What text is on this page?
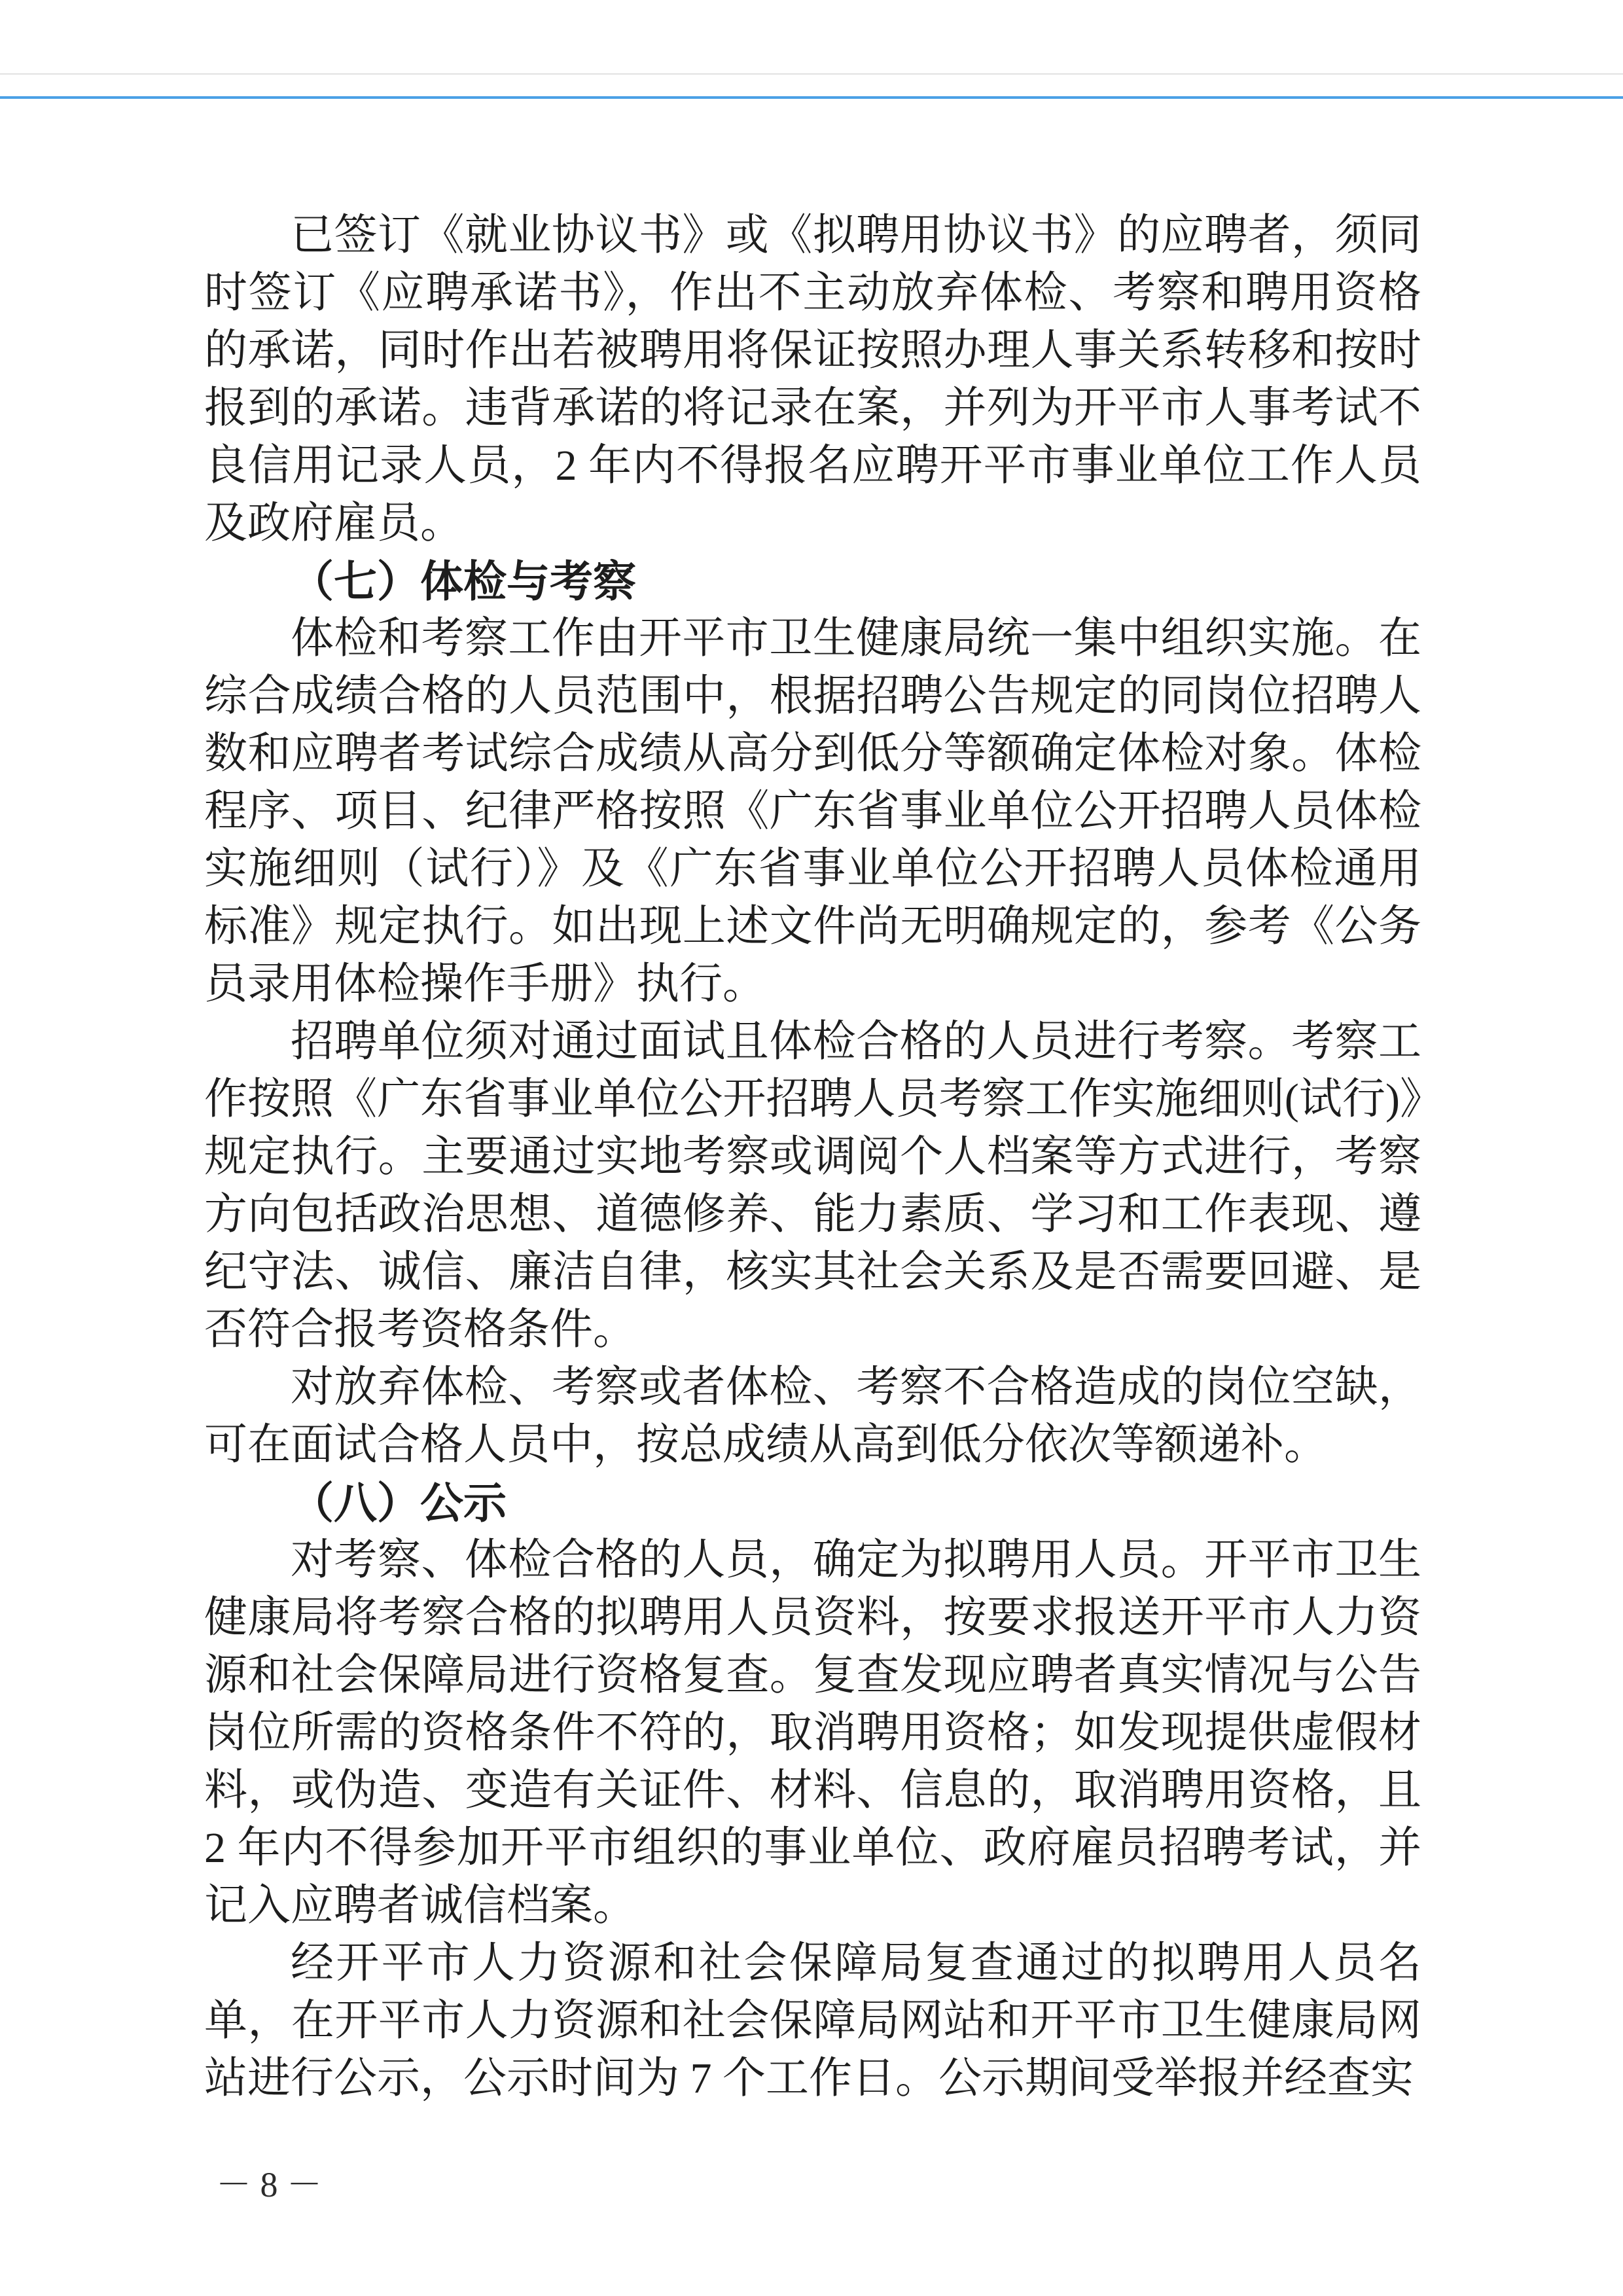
已签订《就业协议书》或《拟聘用协议书》的应聘者，须同时签订《应聘承诺书》，作出不主动放弃体检、考察和聘用资格的承诺，同时作出若被聘用将保证按照办理人事关系转移和按时报到的承诺。违背承诺的将记录在案，并列为开平市人事考试不良信用记录人员，2 年内不得报名应聘开平市事业单位工作人员及政府雇员。

（七）体检与考察

体检和考察工作由开平市卫生健康局统一集中组织实施。在综合成绩合格的人员范围中，根据招聘公告规定的同岗位招聘人数和应聘者考试综合成绩从高分到低分等额确定体检对象。体检程序、项目、纪律严格按照《广东省事业单位公开招聘人员体检实施细则（试行）》及《广东省事业单位公开招聘人员体检通用标准》规定执行。如出现上述文件尚无明确规定的，参考《公务员录用体检操作手册》执行。

招聘单位须对通过面试且体检合格的人员进行考察。考察工作按照《广东省事业单位公开招聘人员考察工作实施细则(试行)》规定执行。主要通过实地考察或调阅个人档案等方式进行，考察方向包括政治思想、道德修养、能力素质、学习和工作表现、遵纪守法、诚信、廉洁自律，核实其社会关系及是否需要回避、是否符合报考资格条件。

对放弃体检、考察或者体检、考察不合格造成的岗位空缺，可在面试合格人员中，按总成绩从高到低分依次等额递补。

（八）公示

对考察、体检合格的人员，确定为拟聘用人员。开平市卫生健康局将考察合格的拟聘用人员资料，按要求报送开平市人力资源和社会保障局进行资格复查。复查发现应聘者真实情况与公告岗位所需的资格条件不符的，取消聘用资格；如发现提供虚假材料，或伪造、变造有关证件、材料、信息的，取消聘用资格，且2 年内不得参加开平市组织的事业单位、政府雇员招聘考试，并记入应聘者诚信档案。

经开平市人力资源和社会保障局复查通过的拟聘用人员名单，在开平市人力资源和社会保障局网站和开平市卫生健康局网站进行公示，公示时间为 7 个工作日。公示期间受举报并经查实

－ 8 －
